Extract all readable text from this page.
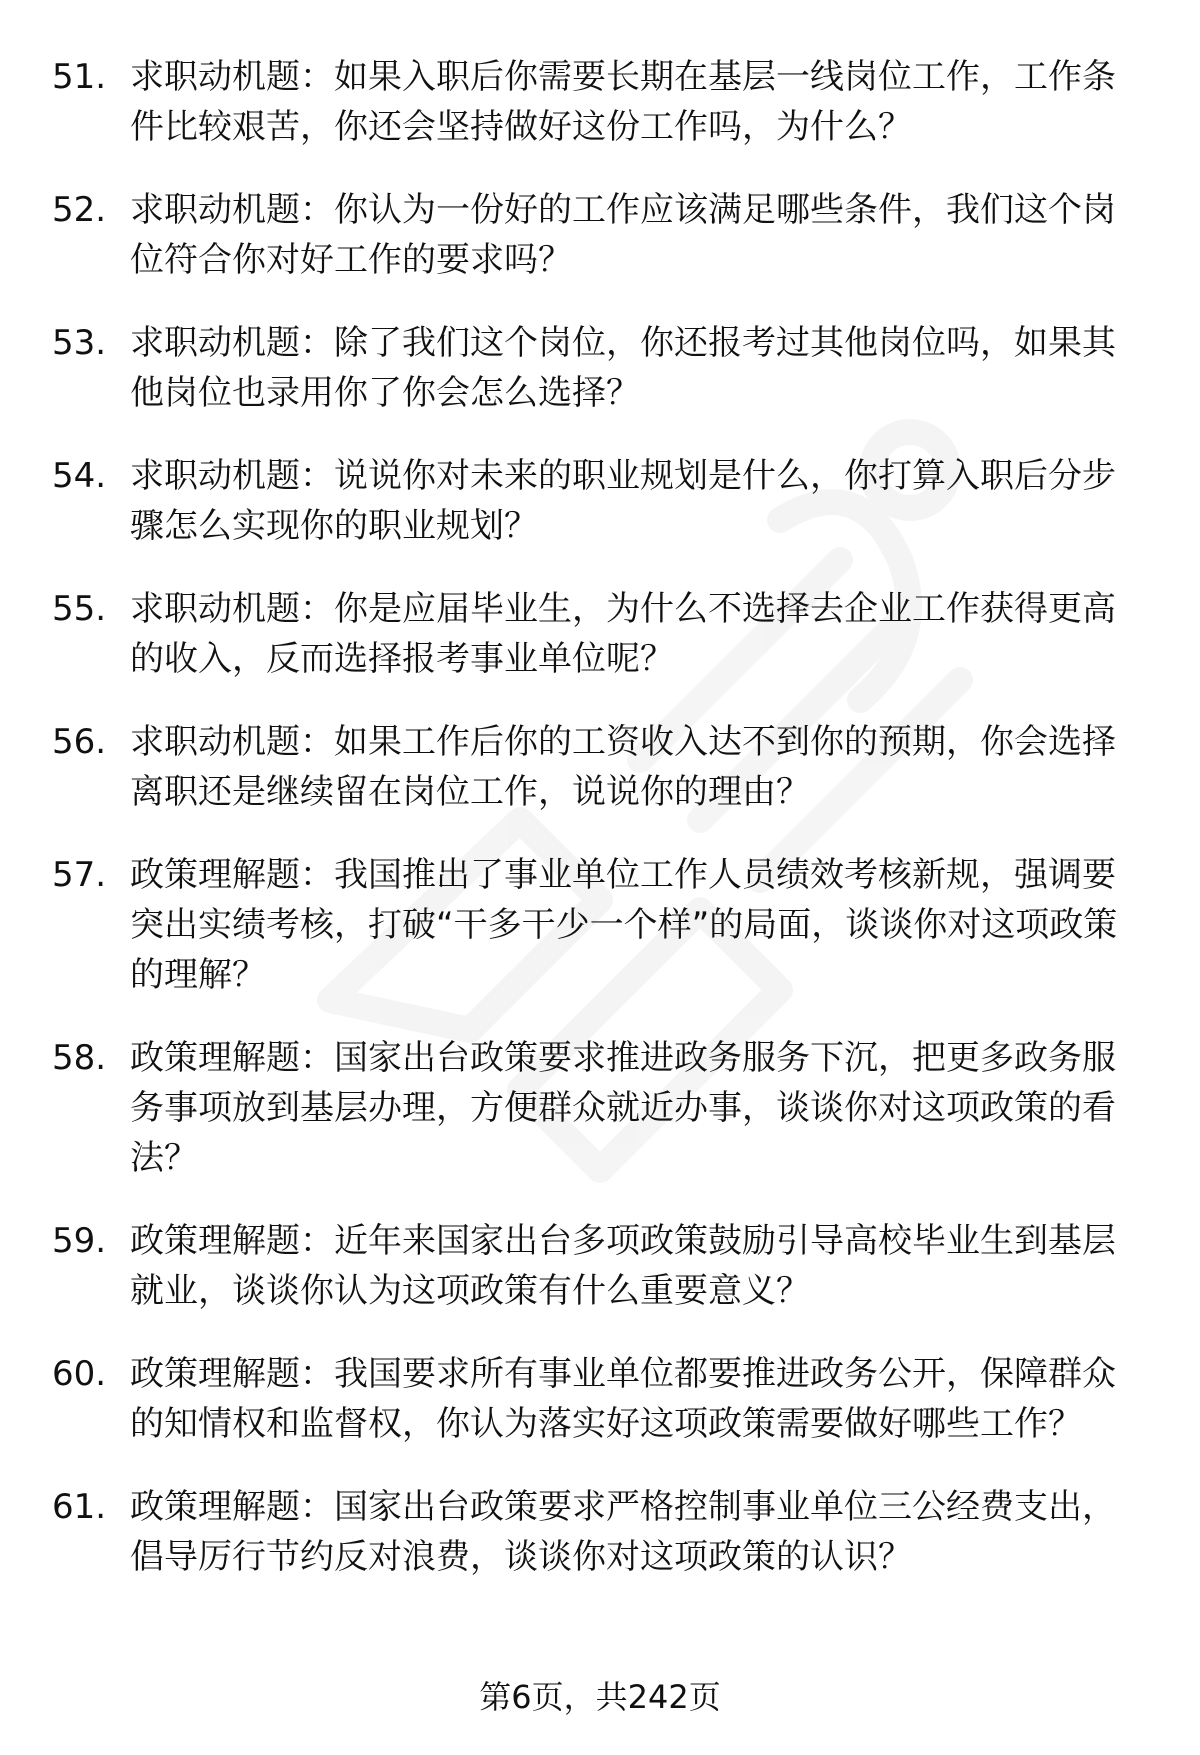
51. 求职动机题：如果入职后你需要长期在基层一线岗位工作，工作条件比较艰苦，你还会坚持做好这份工作吗，为什么？
52. 求职动机题：你认为一份好的工作应该满足哪些条件，我们这个岗位符合你对好工作的要求吗？
53. 求职动机题：除了我们这个岗位，你还报考过其他岗位吗，如果其他岗位也录用你了你会怎么选择？
54. 求职动机题：说说你对未来的职业规划是什么，你打算入职后分步骤怎么实现你的职业规划？
55. 求职动机题：你是应届毕业生，为什么不选择去企业工作获得更高的收入，反而选择报考事业单位呢？
56. 求职动机题：如果工作后你的工资收入达不到你的预期，你会选择离职还是继续留在岗位工作，说说你的理由？
57. 政策理解题：我国推出了事业单位工作人员绩效考核新规，强调要突出实绩考核，打破“干多干少一个样”的局面，谈谈你对这项政策的理解？
58. 政策理解题：国家出台政策要求推进政务服务下沉，把更多政务服务事项放到基层办理，方便群众就近办事，谈谈你对这项政策的看法？
59. 政策理解题：近年来国家出台多项政策鼓励引导高校毕业生到基层就业，谈谈你认为这项政策有什么重要意义？
60. 政策理解题：我国要求所有事业单位都要推进政务公开，保障群众的知情权和监督权，你认为落实好这项政策需要做好哪些工作？
61. 政策理解题：国家出台政策要求严格控制事业单位三公经费支出，倡导厉行节约反对浪费，谈谈你对这项政策的认识？
第6页，共242页
